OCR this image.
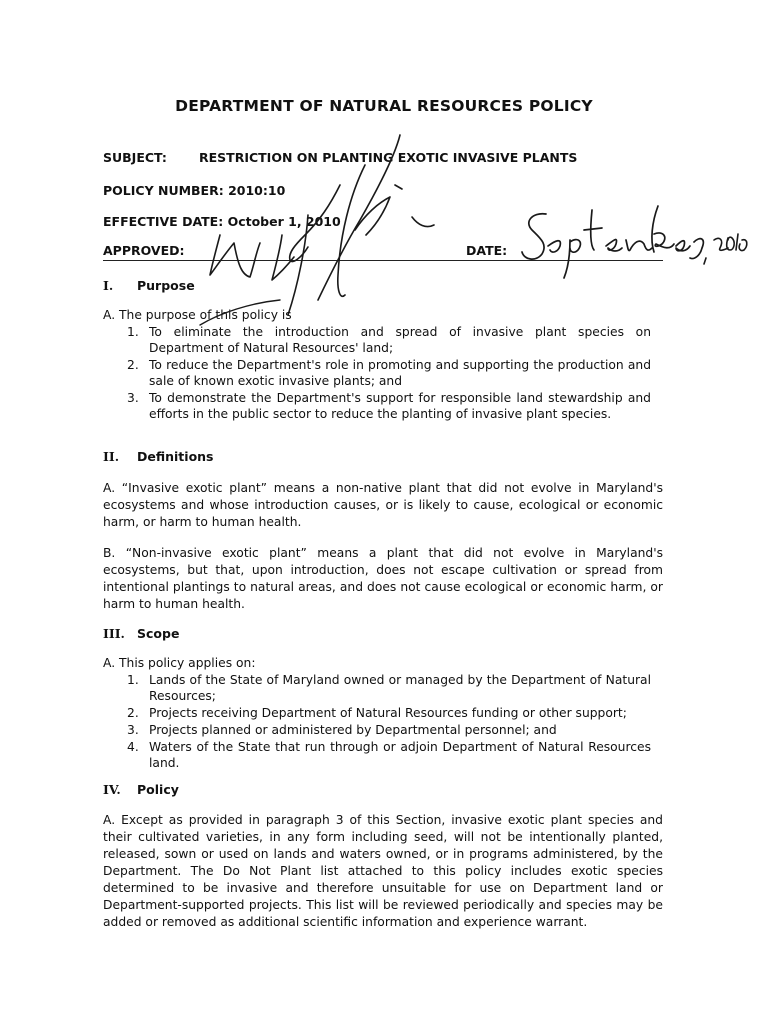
DEPARTMENT OF NATURAL RESOURCES POLICY
SUBJECT:	RESTRICTION ON PLANTING EXOTIC INVASIVE PLANTS
POLICY NUMBER: 2010:10
EFFECTIVE DATE: October 1, 2010
APPROVED:	DATE:
I. Purpose
A. The purpose of this policy is
1. To eliminate the introduction and spread of invasive plant species on Department of Natural Resources' land;
2. To reduce the Department's role in promoting and supporting the production and sale of known exotic invasive plants; and
3. To demonstrate the Department's support for responsible land stewardship and efforts in the public sector to reduce the planting of invasive plant species.
II. Definitions
A. “Invasive exotic plant” means a non-native plant that did not evolve in Maryland's ecosystems and whose introduction causes, or is likely to cause, ecological or economic harm, or harm to human health.
B. “Non-invasive exotic plant” means a plant that did not evolve in Maryland's ecosystems, but that, upon introduction, does not escape cultivation or spread from intentional plantings to natural areas, and does not cause ecological or economic harm, or harm to human health.
III. Scope
A. This policy applies on:
1. Lands of the State of Maryland owned or managed by the Department of Natural Resources;
2. Projects receiving Department of Natural Resources funding or other support;
3. Projects planned or administered by Departmental personnel; and
4. Waters of the State that run through or adjoin Department of Natural Resources land.
IV. Policy
A. Except as provided in paragraph 3 of this Section, invasive exotic plant species and their cultivated varieties, in any form including seed, will not be intentionally planted, released, sown or used on lands and waters owned, or in programs administered, by the Department. The Do Not Plant list attached to this policy includes exotic species determined to be invasive and therefore unsuitable for use on Department land or Department-supported projects. This list will be reviewed periodically and species may be added or removed as additional scientific information and experience warrant.
